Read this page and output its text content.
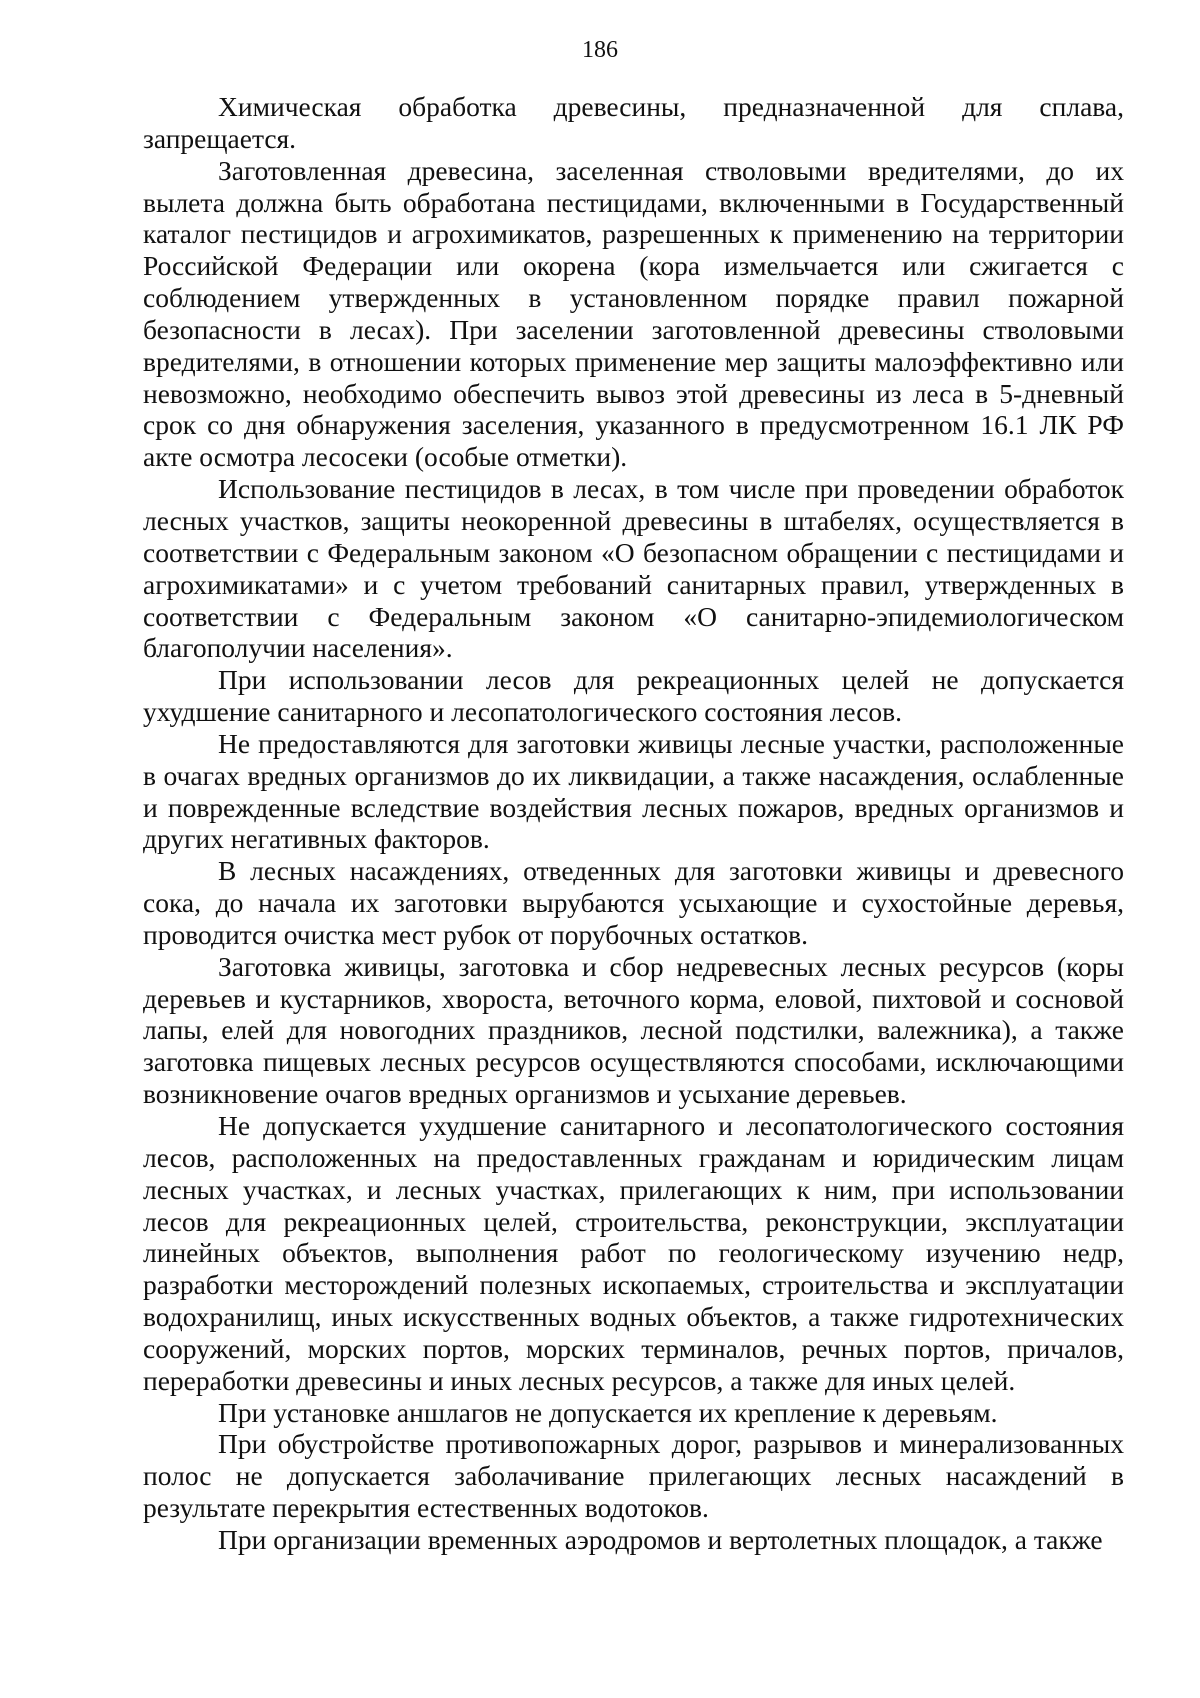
186

Химическая обработка древесины, предназначенной для сплава, запрещается.

Заготовленная древесина, заселенная стволовыми вредителями, до их вылета должна быть обработана пестицидами, включенными в Государственный каталог пестицидов и агрохимикатов, разрешенных к применению на территории Российской Федерации или окорена (кора измельчается или сжигается с соблюдением утвержденных в установленном порядке правил пожарной безопасности в лесах). При заселении заготовленной древесины стволовыми вредителями, в отношении которых применение мер защиты малоэффективно или невозможно, необходимо обеспечить вывоз этой древесины из леса в 5-дневный срок со дня обнаружения заселения, указанного в предусмотренном 16.1 ЛК РФ акте осмотра лесосеки (особые отметки).

Использование пестицидов в лесах, в том числе при проведении обработок лесных участков, защиты неокоренной древесины в штабелях, осуществляется в соответствии с Федеральным законом «О безопасном обращении с пестицидами и агрохимикатами» и с учетом требований санитарных правил, утвержденных в соответствии с Федеральным законом «О санитарно-эпидемиологическом благополучии населения».

При использовании лесов для рекреационных целей не допускается ухудшение санитарного и лесопатологического состояния лесов.

Не предоставляются для заготовки живицы лесные участки, расположенные в очагах вредных организмов до их ликвидации, а также насаждения, ослабленные и поврежденные вследствие воздействия лесных пожаров, вредных организмов и других негативных факторов.

В лесных насаждениях, отведенных для заготовки живицы и древесного сока, до начала их заготовки вырубаются усыхающие и сухостойные деревья, проводится очистка мест рубок от порубочных остатков.

Заготовка живицы, заготовка и сбор недревесных лесных ресурсов (коры деревьев и кустарников, хвороста, веточного корма, еловой, пихтовой и сосновой лапы, елей для новогодних праздников, лесной подстилки, валежника), а также заготовка пищевых лесных ресурсов осуществляются способами, исключающими возникновение очагов вредных организмов и усыхание деревьев.

Не допускается ухудшение санитарного и лесопатологического состояния лесов, расположенных на предоставленных гражданам и юридическим лицам лесных участках, и лесных участках, прилегающих к ним, при использовании лесов для рекреационных целей, строительства, реконструкции, эксплуатации линейных объектов, выполнения работ по геологическому изучению недр, разработки месторождений полезных ископаемых, строительства и эксплуатации водохранилищ, иных искусственных водных объектов, а также гидротехнических сооружений, морских портов, морских терминалов, речных портов, причалов, переработки древесины и иных лесных ресурсов, а также для иных целей.

При установке аншлагов не допускается их крепление к деревьям.

При обустройстве противопожарных дорог, разрывов и минерализованных полос не допускается заболачивание прилегающих лесных насаждений в результате перекрытия естественных водотоков.

При организации временных аэродромов и вертолетных площадок, а также
